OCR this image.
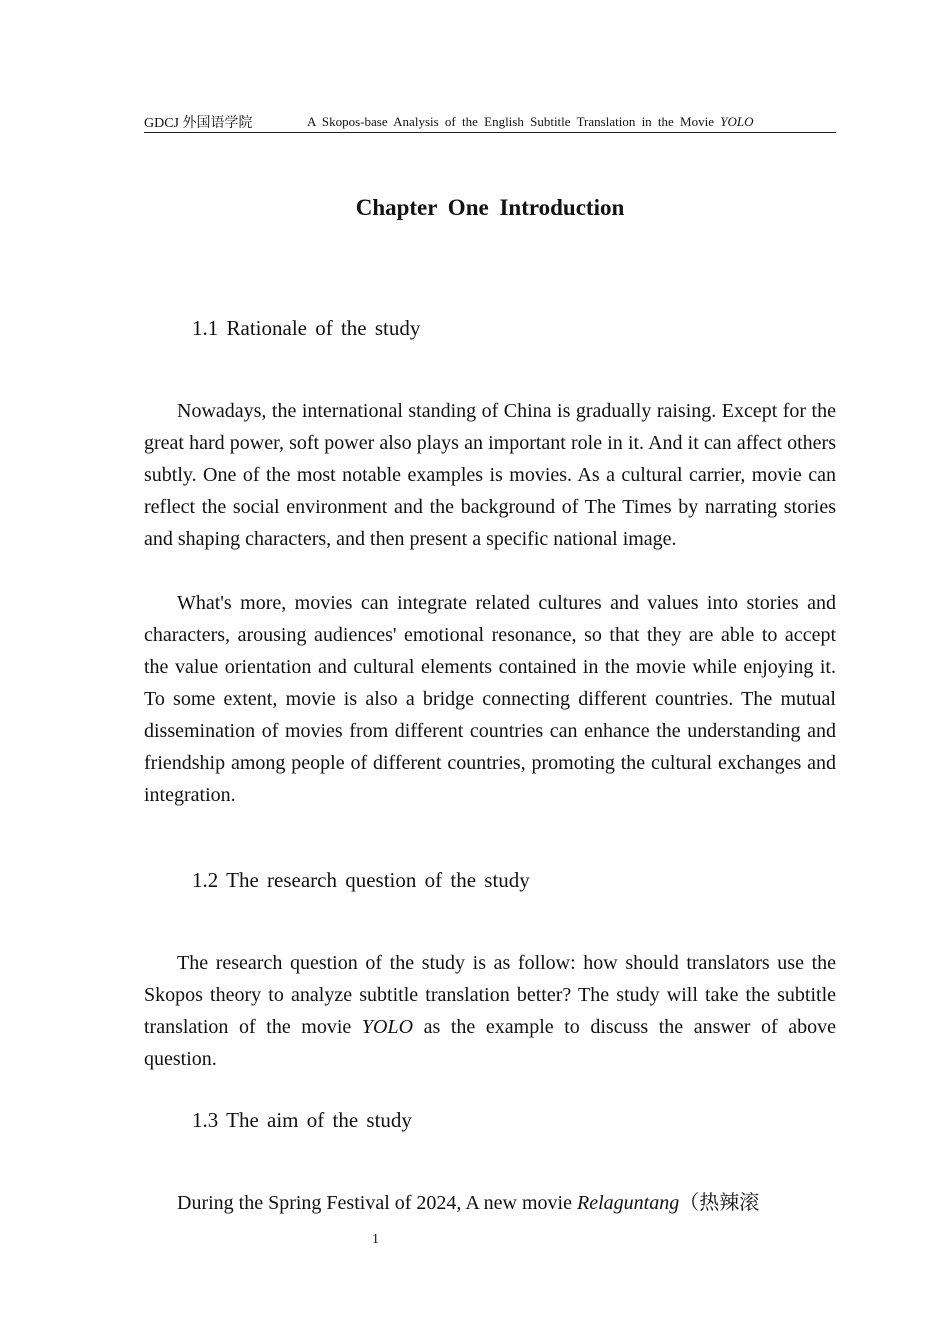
GDCJ 外国语学院	A Skopos-base Analysis of the English Subtitle Translation in the Movie YOLO
Chapter One Introduction
1.1 Rationale of the study

Nowadays, the international standing of China is gradually raising. Except for the great hard power, soft power also plays an important role in it. And it can affect others subtly. One of the most notable examples is movies. As a cultural carrier, movie can reflect the social environment and the background of The Times by narrating stories and shaping characters, and then present a specific national image.

What's more, movies can integrate related cultures and values into stories and characters, arousing audiences' emotional resonance, so that they are able to accept the value orientation and cultural elements contained in the movie while enjoying it. To some extent, movie is also a bridge connecting different countries. The mutual dissemination of movies from different countries can enhance the understanding and friendship among people of different countries, promoting the cultural exchanges and integration.

1.2 The research question of the study

The research question of the study is as follow: how should translators use the Skopos theory to analyze subtitle translation better? The study will take the subtitle translation of the movie YOLO as the example to discuss the answer of above question.

1.3 The aim of the study

During the Spring Festival of 2024, A new movie Relaguntang（热辣滚

1
